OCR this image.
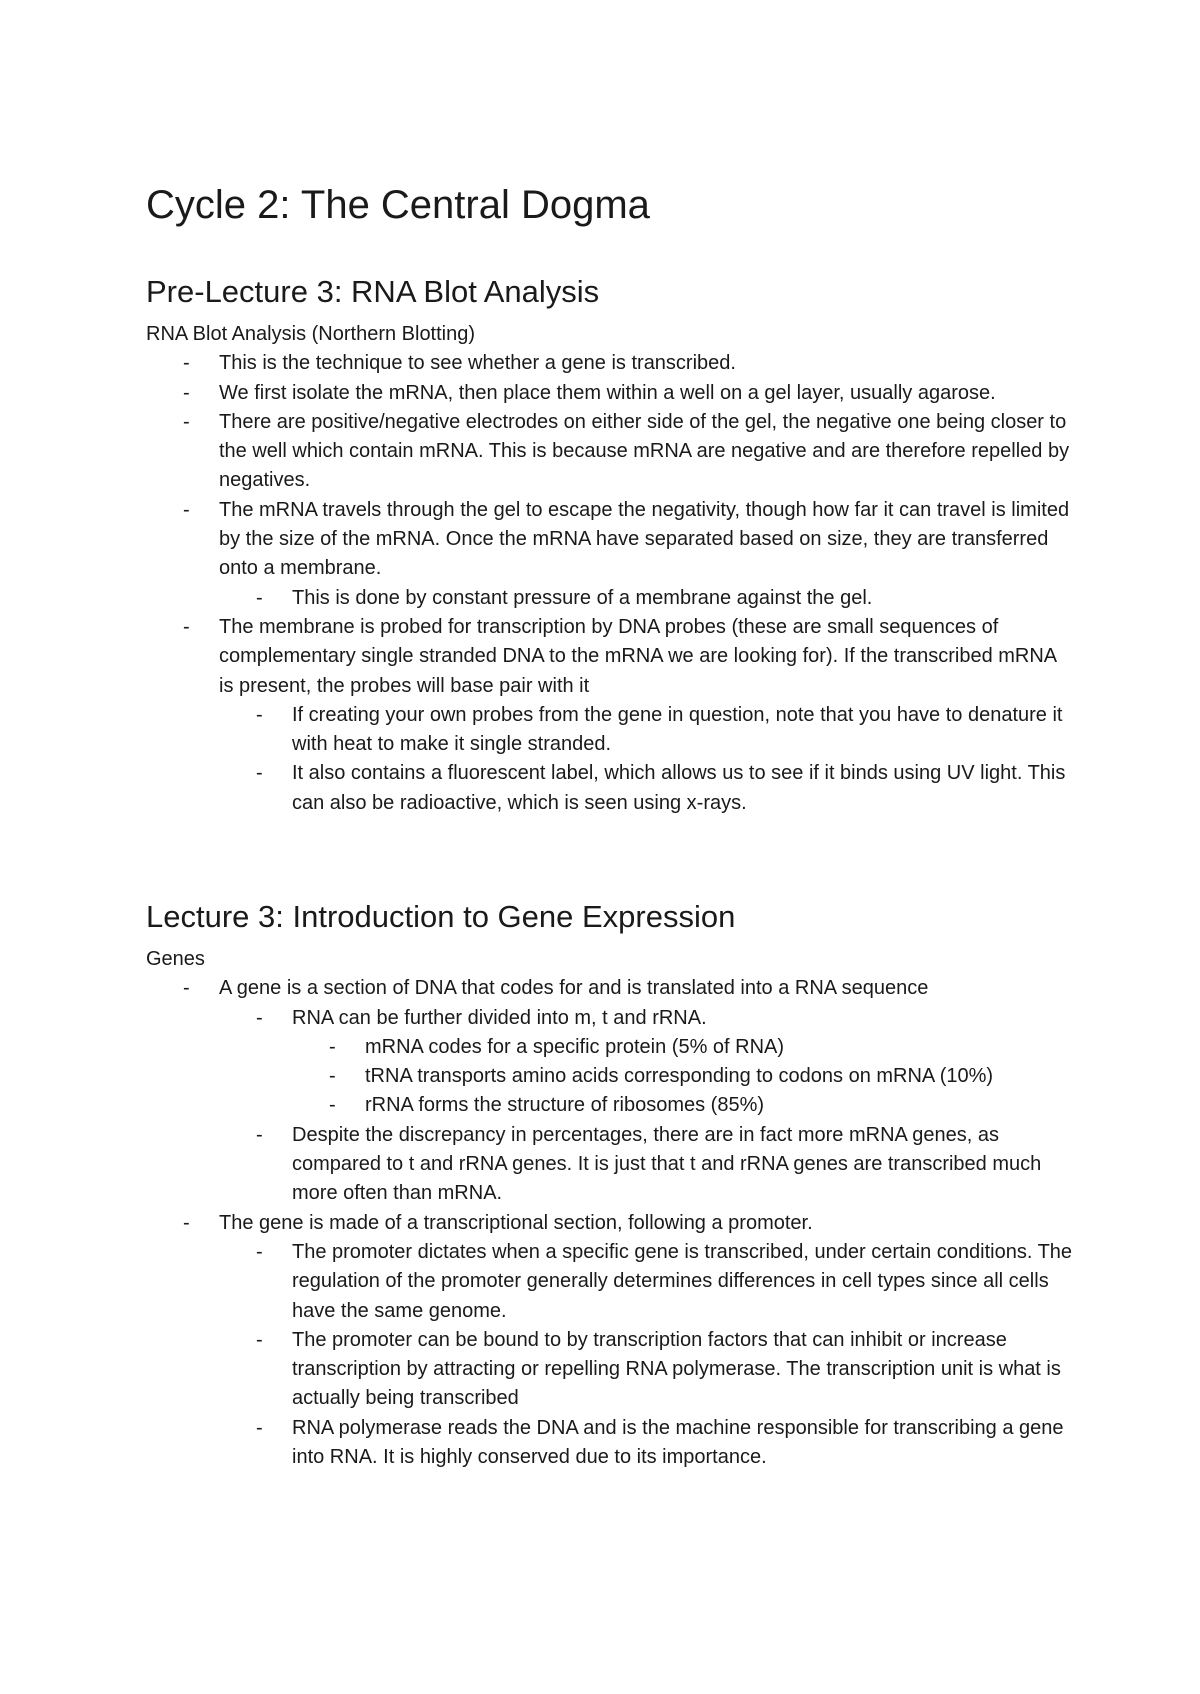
Cycle 2: The Central Dogma
Pre-Lecture 3: RNA Blot Analysis
RNA Blot Analysis (Northern Blotting)
- This is the technique to see whether a gene is transcribed.
- We first isolate the mRNA, then place them within a well on a gel layer, usually agarose.
- There are positive/negative electrodes on either side of the gel, the negative one being closer to the well which contain mRNA. This is because mRNA are negative and are therefore repelled by negatives.
- The mRNA travels through the gel to escape the negativity, though how far it can travel is limited by the size of the mRNA. Once the mRNA have separated based on size, they are transferred onto a membrane.
- This is done by constant pressure of a membrane against the gel.
- The membrane is probed for transcription by DNA probes (these are small sequences of complementary single stranded DNA to the mRNA we are looking for). If the transcribed mRNA is present, the probes will base pair with it
- If creating your own probes from the gene in question, note that you have to denature it with heat to make it single stranded.
- It also contains a fluorescent label, which allows us to see if it binds using UV light. This can also be radioactive, which is seen using x-rays.
Lecture 3: Introduction to Gene Expression
Genes
- A gene is a section of DNA that codes for and is translated into a RNA sequence
- RNA can be further divided into m, t and rRNA.
- mRNA codes for a specific protein (5% of RNA)
- tRNA transports amino acids corresponding to codons on mRNA (10%)
- rRNA forms the structure of ribosomes (85%)
- Despite the discrepancy in percentages, there are in fact more mRNA genes, as compared to t and rRNA genes. It is just that t and rRNA genes are transcribed much more often than mRNA.
- The gene is made of a transcriptional section, following a promoter.
- The promoter dictates when a specific gene is transcribed, under certain conditions. The regulation of the promoter generally determines differences in cell types since all cells have the same genome.
- The promoter can be bound to by transcription factors that can inhibit or increase transcription by attracting or repelling RNA polymerase. The transcription unit is what is actually being transcribed
- RNA polymerase reads the DNA and is the machine responsible for transcribing a gene into RNA. It is highly conserved due to its importance.
